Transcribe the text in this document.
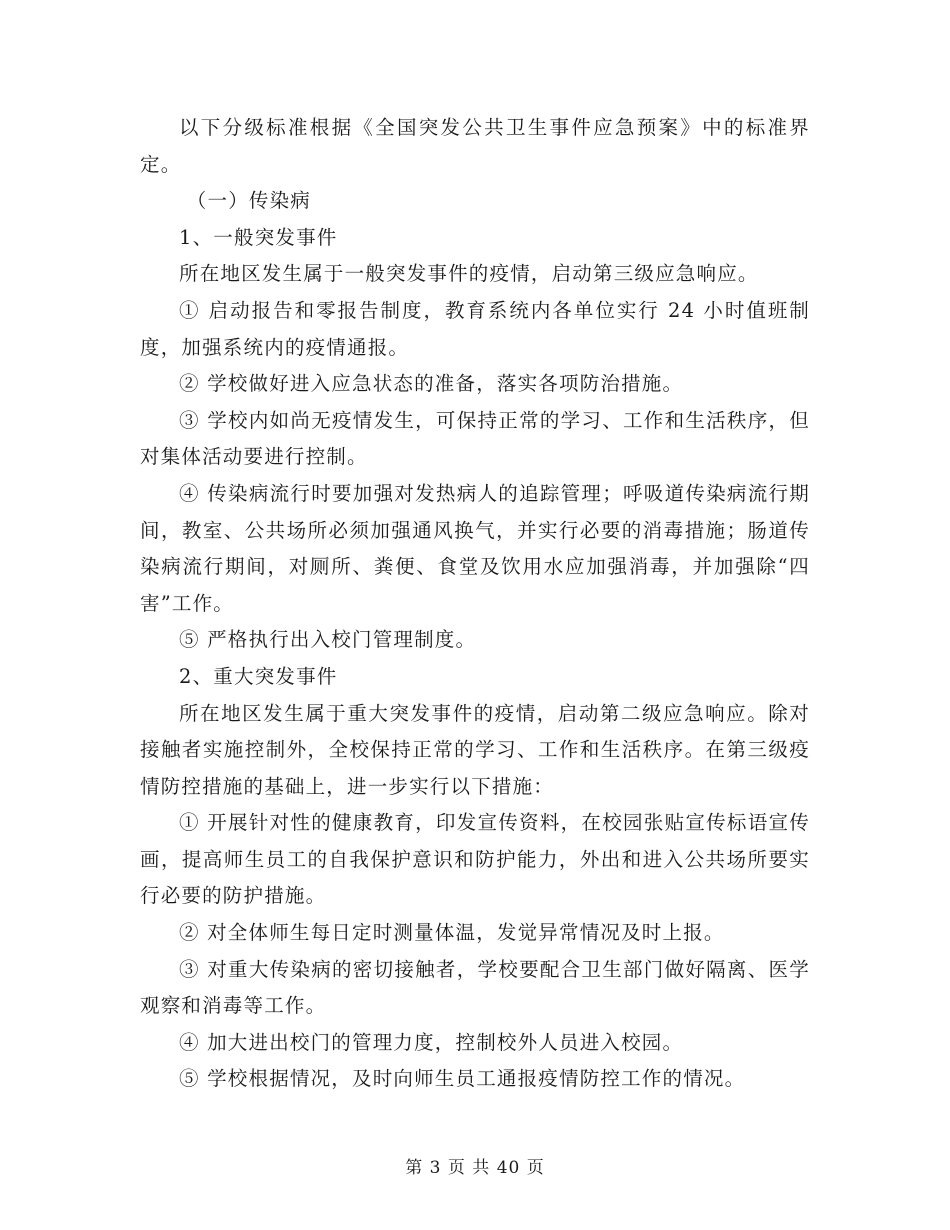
以下分级标准根据《全国突发公共卫生事件应急预案》中的标准界定。

（一）传染病

1、一般突发事件

所在地区发生属于一般突发事件的疫情，启动第三级应急响应。

① 启动报告和零报告制度，教育系统内各单位实行 24 小时值班制度，加强系统内的疫情通报。

② 学校做好进入应急状态的准备，落实各项防治措施。

③ 学校内如尚无疫情发生，可保持正常的学习、工作和生活秩序，但对集体活动要进行控制。

④ 传染病流行时要加强对发热病人的追踪管理；呼吸道传染病流行期间，教室、公共场所必须加强通风换气，并实行必要的消毒措施；肠道传染病流行期间，对厕所、粪便、食堂及饮用水应加强消毒，并加强除“四害”工作。

⑤ 严格执行出入校门管理制度。

2、重大突发事件

所在地区发生属于重大突发事件的疫情，启动第二级应急响应。除对接触者实施控制外，全校保持正常的学习、工作和生活秩序。在第三级疫情防控措施的基础上，进一步实行以下措施：

① 开展针对性的健康教育，印发宣传资料，在校园张贴宣传标语宣传画，提高师生员工的自我保护意识和防护能力，外出和进入公共场所要实行必要的防护措施。

② 对全体师生每日定时测量体温，发觉异常情况及时上报。

③ 对重大传染病的密切接触者，学校要配合卫生部门做好隔离、医学观察和消毒等工作。

④ 加大进出校门的管理力度，控制校外人员进入校园。

⑤ 学校根据情况，及时向师生员工通报疫情防控工作的情况。

第 3 页 共 40 页
